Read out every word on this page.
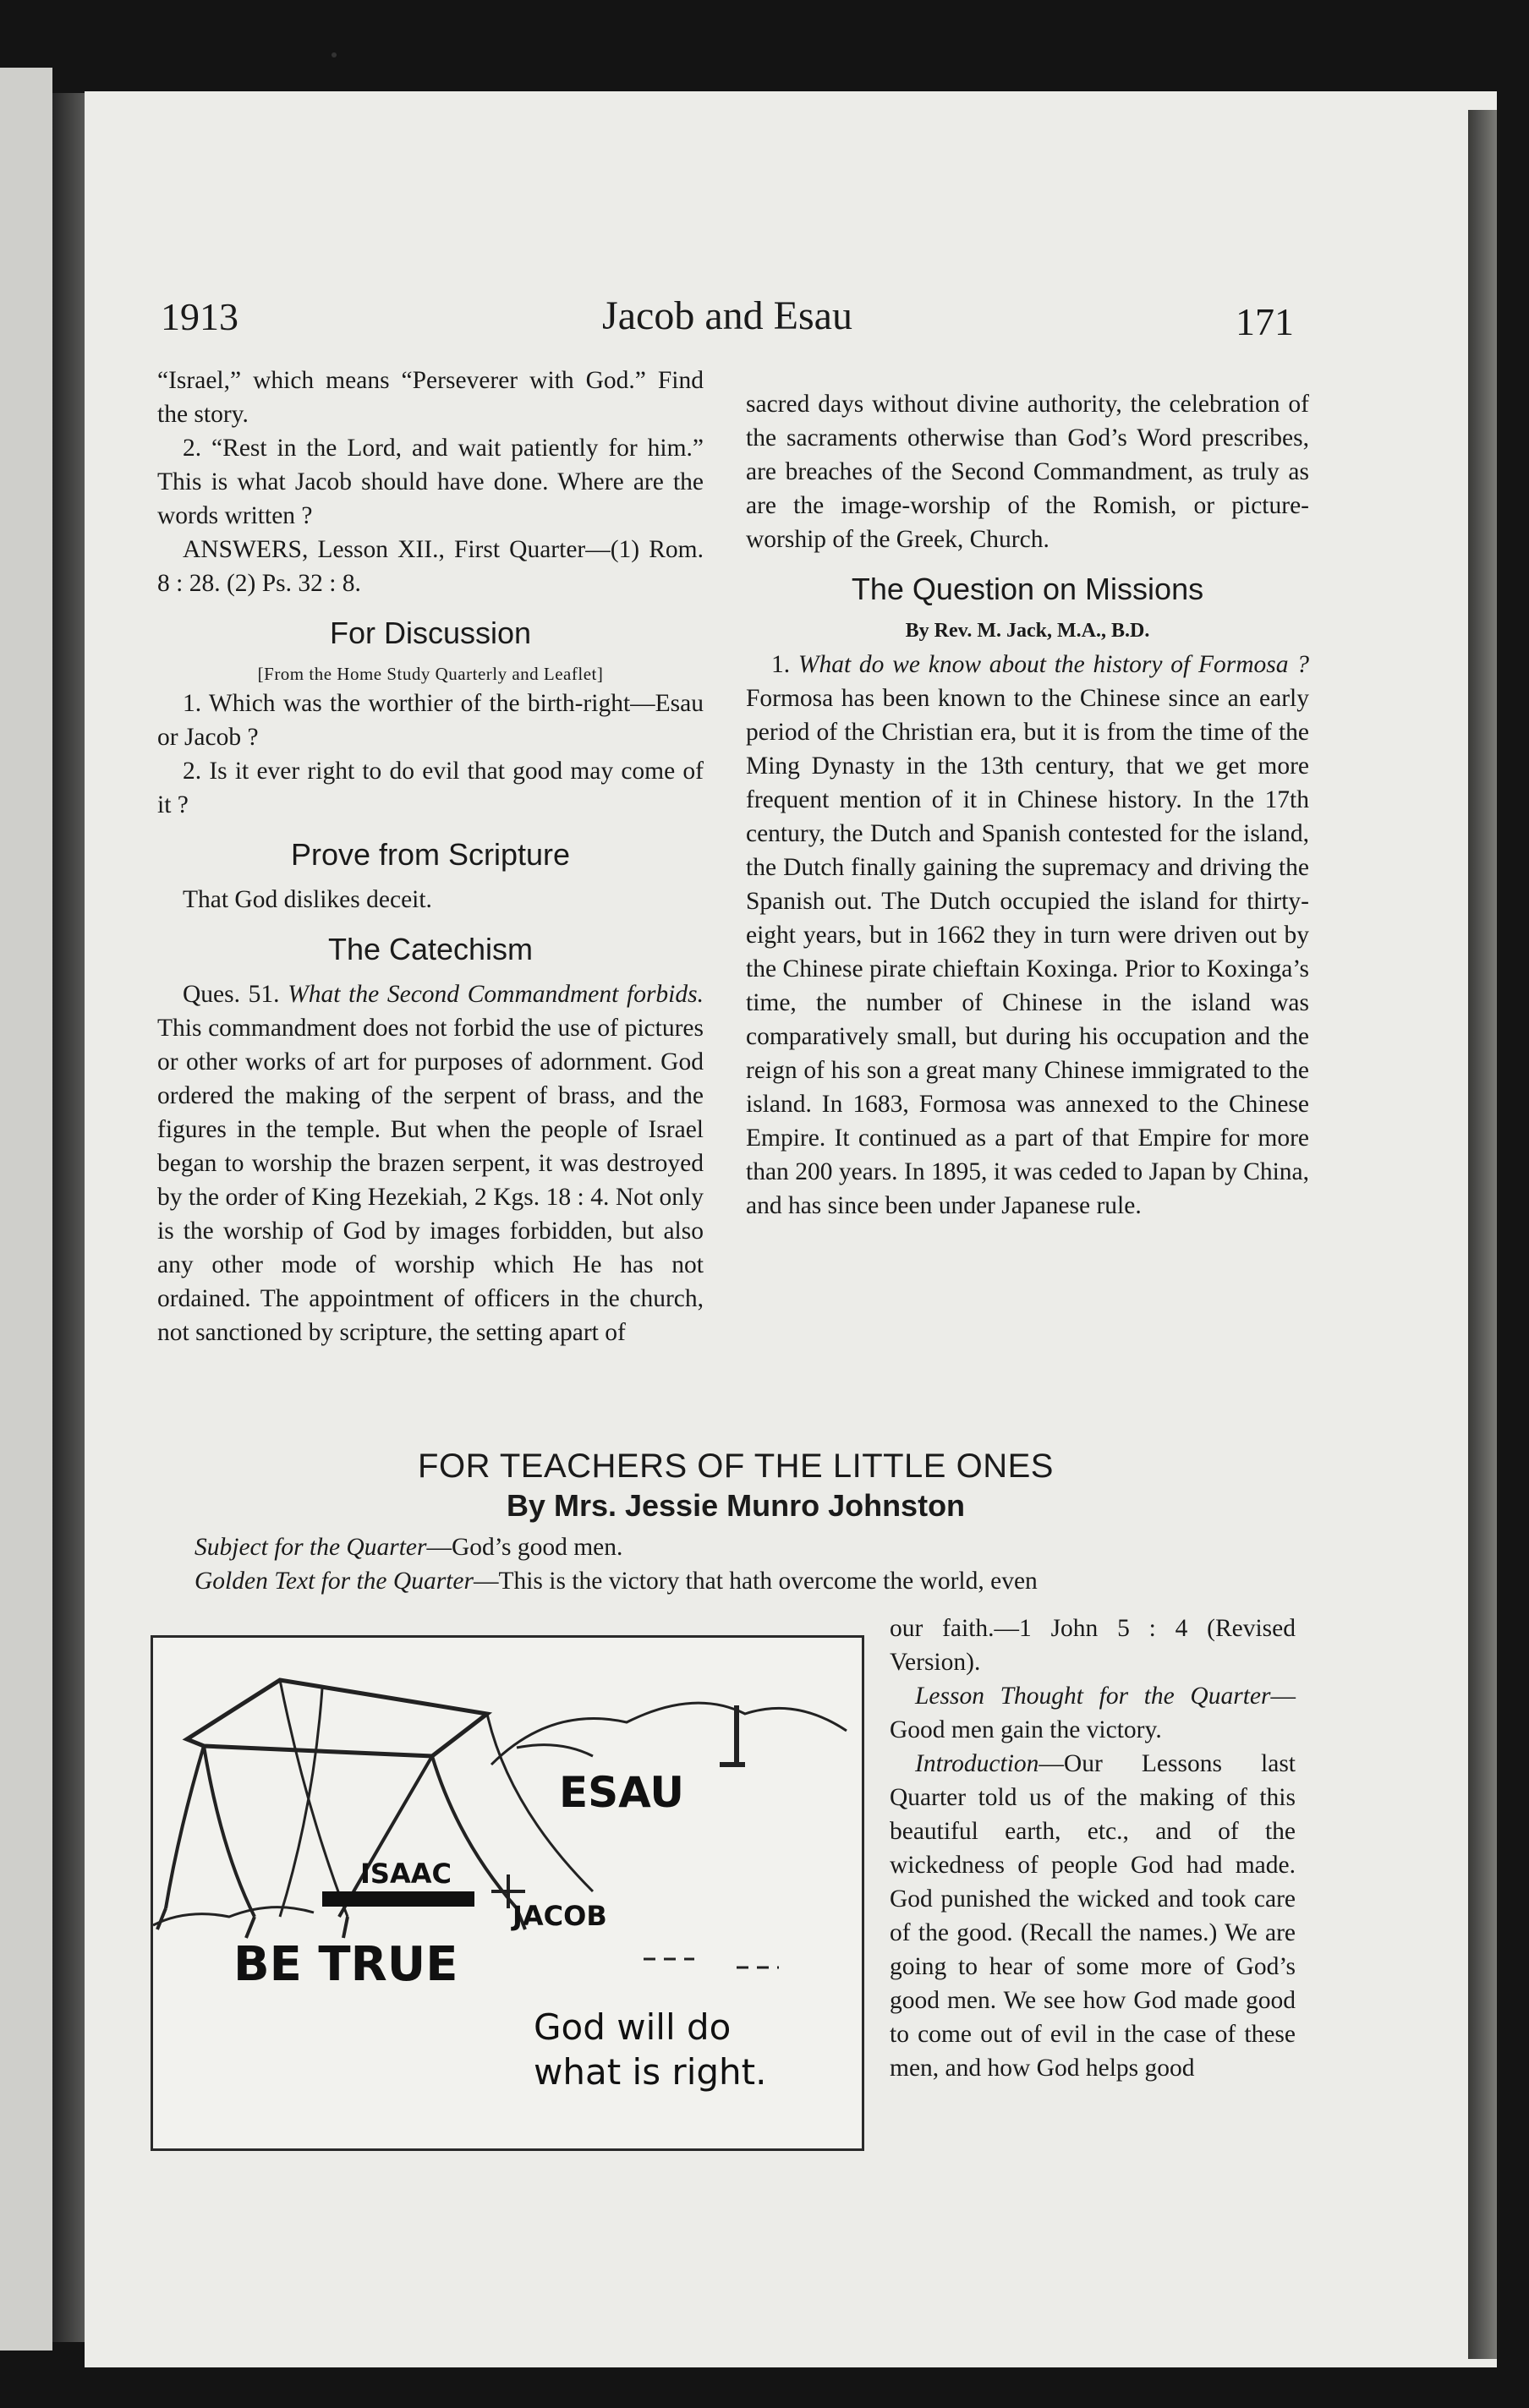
1913	Jacob and Esau	171

“Israel,” which means “Perseverer with God.” Find the story.

2. “Rest in the Lord, and wait patiently for him.” This is what Jacob should have done. Where are the words written ?

ANSWERS, Lesson XII., First Quarter—(1) Rom. 8 : 28. (2) Ps. 32 : 8.

For Discussion
[From the Home Study Quarterly and Leaflet]

1. Which was the worthier of the birth-right—Esau or Jacob ?

2. Is it ever right to do evil that good may come of it ?

Prove from Scripture

That God dislikes deceit.

The Catechism

Ques. 51. What the Second Commandment forbids. This commandment does not forbid the use of pictures or other works of art for purposes of adornment. God ordered the making of the serpent of brass, and the figures in the temple. But when the people of Israel began to worship the brazen serpent, it was destroyed by the order of King Hezekiah, 2 Kgs. 18 : 4. Not only is the worship of God by images forbidden, but also any other mode of worship which He has not ordained. The appointment of officers in the church, not sanctioned by scripture, the setting apart of

sacred days without divine authority, the celebration of the sacraments otherwise than God’s Word prescribes, are breaches of the Second Commandment, as truly as are the image-worship of the Romish, or picture-worship of the Greek, Church.

The Question on Missions
By Rev. M. Jack, M.A., B.D.

1. What do we know about the history of Formosa ? Formosa has been known to the Chinese since an early period of the Christian era, but it is from the time of the Ming Dynasty in the 13th century, that we get more frequent mention of it in Chinese history. In the 17th century, the Dutch and Spanish contested for the island, the Dutch finally gaining the supremacy and driving the Spanish out. The Dutch occupied the island for thirty-eight years, but in 1662 they in turn were driven out by the Chinese pirate chieftain Koxinga. Prior to Koxinga’s time, the number of Chinese in the island was comparatively small, but during his occupation and the reign of his son a great many Chinese immigrated to the island. In 1683, Formosa was annexed to the Chinese Empire. It continued as a part of that Empire for more than 200 years. In 1895, it was ceded to Japan by China, and has since been under Japanese rule.

FOR TEACHERS OF THE LITTLE ONES
By Mrs. Jessie Munro Johnston
Subject for the Quarter—God’s good men.
Golden Text for the Quarter—This is the victory that hath overcome the world, even
ESAU
ISAAC
JACOB
BE TRUE
God will do
what is right.

our faith.—1 John 5 : 4 (Revised Version).

Lesson Thought for the Quarter—Good men gain the victory.

Introduction—Our Lessons last Quarter told us of the making of this beautiful earth, etc., and of the wickedness of people God had made. God punished the wicked and took care of the good. (Recall the names.) We are going to hear of some more of God’s good men. We see how God made good to come out of evil in the case of these men, and how God helps good
